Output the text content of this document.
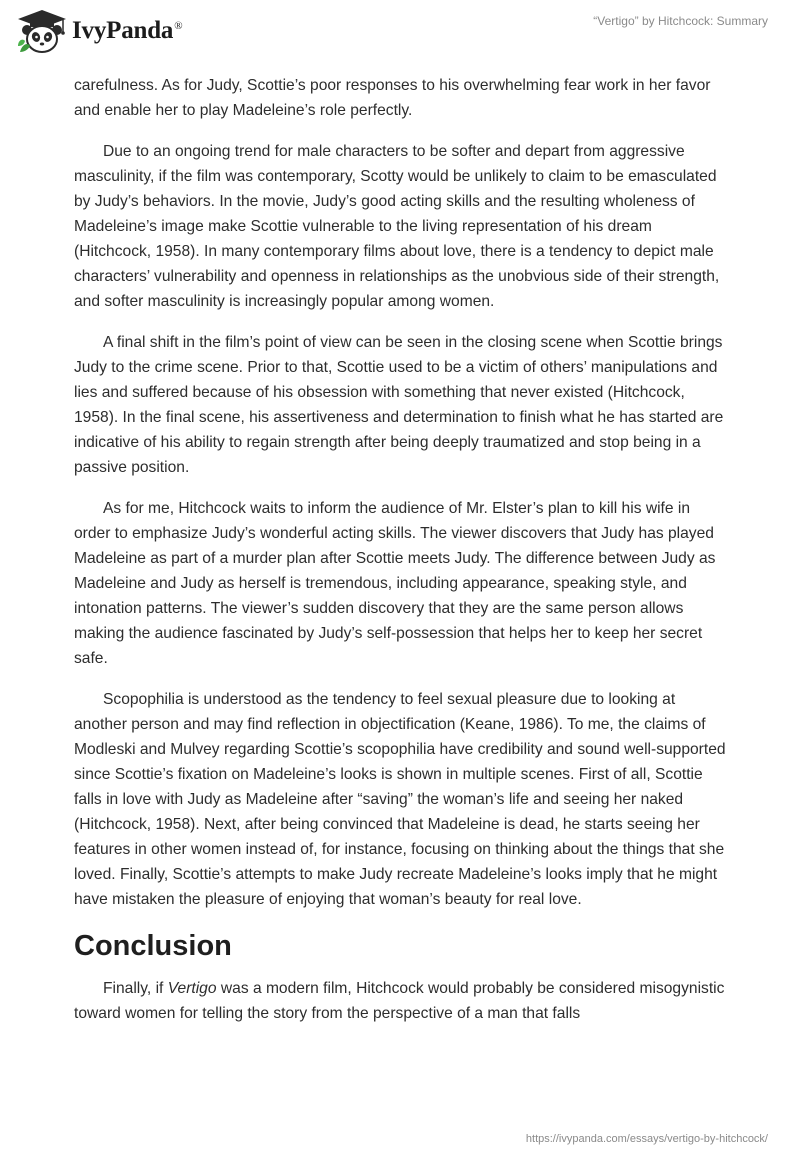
IvyPanda®	“Vertigo” by Hitchcock: Summary

carefulness. As for Judy, Scottie’s poor responses to his overwhelming fear work in her favor and enable her to play Madeleine’s role perfectly.

Due to an ongoing trend for male characters to be softer and depart from aggressive masculinity, if the film was contemporary, Scotty would be unlikely to claim to be emasculated by Judy’s behaviors. In the movie, Judy’s good acting skills and the resulting wholeness of Madeleine’s image make Scottie vulnerable to the living representation of his dream (Hitchcock, 1958). In many contemporary films about love, there is a tendency to depict male characters’ vulnerability and openness in relationships as the unobvious side of their strength, and softer masculinity is increasingly popular among women.

A final shift in the film’s point of view can be seen in the closing scene when Scottie brings Judy to the crime scene. Prior to that, Scottie used to be a victim of others’ manipulations and lies and suffered because of his obsession with something that never existed (Hitchcock, 1958). In the final scene, his assertiveness and determination to finish what he has started are indicative of his ability to regain strength after being deeply traumatized and stop being in a passive position.

As for me, Hitchcock waits to inform the audience of Mr. Elster’s plan to kill his wife in order to emphasize Judy’s wonderful acting skills. The viewer discovers that Judy has played Madeleine as part of a murder plan after Scottie meets Judy. The difference between Judy as Madeleine and Judy as herself is tremendous, including appearance, speaking style, and intonation patterns. The viewer’s sudden discovery that they are the same person allows making the audience fascinated by Judy’s self-possession that helps her to keep her secret safe.

Scopophilia is understood as the tendency to feel sexual pleasure due to looking at another person and may find reflection in objectification (Keane, 1986). To me, the claims of Modleski and Mulvey regarding Scottie’s scopophilia have credibility and sound well-supported since Scottie’s fixation on Madeleine’s looks is shown in multiple scenes. First of all, Scottie falls in love with Judy as Madeleine after “saving” the woman’s life and seeing her naked (Hitchcock, 1958). Next, after being convinced that Madeleine is dead, he starts seeing her features in other women instead of, for instance, focusing on thinking about the things that she loved. Finally, Scottie’s attempts to make Judy recreate Madeleine’s looks imply that he might have mistaken the pleasure of enjoying that woman’s beauty for real love.

Conclusion

Finally, if Vertigo was a modern film, Hitchcock would probably be considered misogynistic toward women for telling the story from the perspective of a man that falls

https://ivypanda.com/essays/vertigo-by-hitchcock/
